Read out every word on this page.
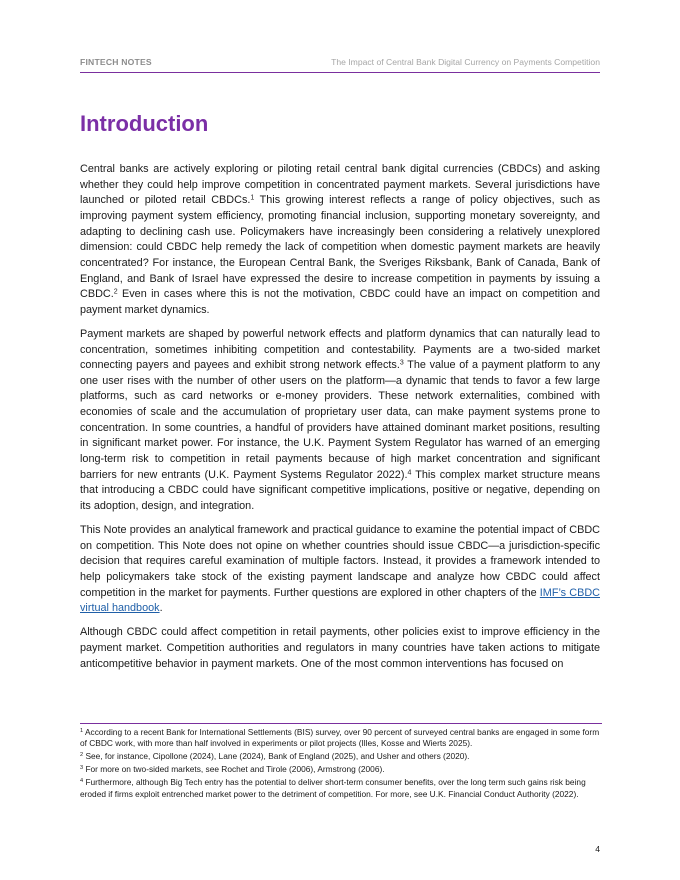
FINTECH NOTES	The Impact of Central Bank Digital Currency on Payments Competition
Introduction

Central banks are actively exploring or piloting retail central bank digital currencies (CBDCs) and asking whether they could help improve competition in concentrated payment markets. Several jurisdictions have launched or piloted retail CBDCs.$^1$ This growing interest reflects a range of policy objectives, such as improving payment system efficiency, promoting financial inclusion, supporting monetary sovereignty, and adapting to declining cash use. Policymakers have increasingly been considering a relatively unexplored dimension: could CBDC help remedy the lack of competition when domestic payment markets are heavily concentrated? For instance, the European Central Bank, the Sveriges Riksbank, Bank of Canada, Bank of England, and Bank of Israel have expressed the desire to increase competition in payments by issuing a CBDC.$^2$ Even in cases where this is not the motivation, CBDC could have an impact on competition and payment market dynamics.

Payment markets are shaped by powerful network effects and platform dynamics that can naturally lead to concentration, sometimes inhibiting competition and contestability. Payments are a two-sided market connecting payers and payees and exhibit strong network effects.$^3$ The value of a payment platform to any one user rises with the number of other users on the platform—a dynamic that tends to favor a few large platforms, such as card networks or e-money providers. These network externalities, combined with economies of scale and the accumulation of proprietary user data, can make payment systems prone to concentration. In some countries, a handful of providers have attained dominant market positions, resulting in significant market power. For instance, the U.K. Payment System Regulator has warned of an emerging long-term risk to competition in retail payments because of high market concentration and significant barriers for new entrants (U.K. Payment Systems Regulator 2022).$^4$ This complex market structure means that introducing a CBDC could have significant competitive implications, positive or negative, depending on its adoption, design, and integration.

This Note provides an analytical framework and practical guidance to examine the potential impact of CBDC on competition. This Note does not opine on whether countries should issue CBDC—a jurisdiction-specific decision that requires careful examination of multiple factors. Instead, it provides a framework intended to help policymakers take stock of the existing payment landscape and analyze how CBDC could affect competition in the market for payments. Further questions are explored in other chapters of the IMF’s CBDC virtual handbook.

Although CBDC could affect competition in retail payments, other policies exist to improve efficiency in the payment market. Competition authorities and regulators in many countries have taken actions to mitigate anticompetitive behavior in payment markets. One of the most common interventions has focused on

$^1$ According to a recent Bank for International Settlements (BIS) survey, over 90 percent of surveyed central banks are engaged in some form of CBDC work, with more than half involved in experiments or pilot projects (Illes, Kosse and Wierts 2025).
$^2$ See, for instance, Cipollone (2024), Lane (2024), Bank of England (2025), and Usher and others (2020).
$^3$ For more on two-sided markets, see Rochet and Tirole (2006), Armstrong (2006).
$^4$ Furthermore, although Big Tech entry has the potential to deliver short-term consumer benefits, over the long term such gains risk being eroded if firms exploit entrenched market power to the detriment of competition. For more, see U.K. Financial Conduct Authority (2022).
4
